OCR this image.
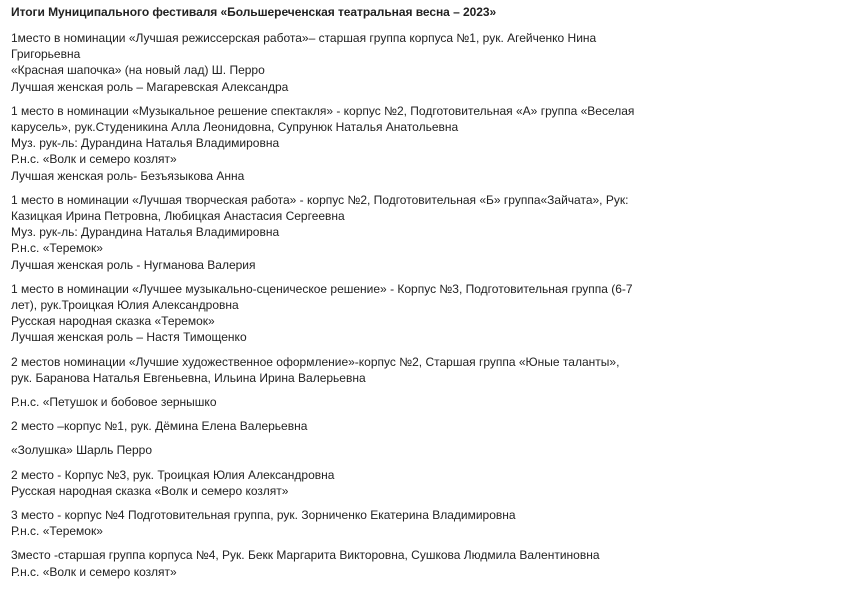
Итоги Муниципального фестиваля «Большереченская театральная весна – 2023»
1место в номинации «Лучшая режиссерская работа»– старшая группа корпуса №1, рук. Агейченко Нина Григорьевна
«Красная шапочка» (на новый лад) Ш. Перро
Лучшая женская роль – Магаревская Александра
1 место в номинации «Музыкальное решение спектакля» - корпус №2, Подготовительная «А» группа «Веселая карусель», рук.Студеникина Алла Леонидовна, Супрунюк Наталья Анатольевна
Муз. рук-ль: Дурандина Наталья Владимировна
Р.н.с. «Волк и семеро козлят»
Лучшая женская роль- Безъязыкова Анна
1 место в номинации «Лучшая творческая работа» - корпус №2, Подготовительная «Б» группа«Зайчата», Рук: Казицкая Ирина Петровна, Любицкая Анастасия Сергеевна
Муз. рук-ль: Дурандина Наталья Владимировна
Р.н.с. «Теремок»
Лучшая женская роль - Нугманова Валерия
1 место в номинации «Лучшее музыкально-сценическое решение» - Корпус №3, Подготовительная группа (6-7 лет), рук.Троицкая Юлия Александровна
Русская народная сказка «Теремок»
Лучшая женская роль – Настя Тимощенко
2 местов номинации «Лучшие художественное оформление»-корпус №2, Старшая группа «Юные таланты», рук. Баранова Наталья Евгеньевна, Ильина Ирина Валерьевна
Р.н.с. «Петушок и бобовое зернышко
2 место –корпус №1, рук. Дёмина Елена Валерьевна
«Золушка» Шарль Перро
2 место - Корпус №3, рук. Троицкая Юлия Александровна
Русская народная сказка «Волк и семеро козлят»
3 место - корпус №4 Подготовительная группа, рук. Зорниченко Екатерина Владимировна
Р.н.с. «Теремок»
3место -старшая группа корпуса №4, Рук. Бекк Маргарита Викторовна, Сушкова Людмила Валентиновна
Р.н.с. «Волк и семеро козлят»
